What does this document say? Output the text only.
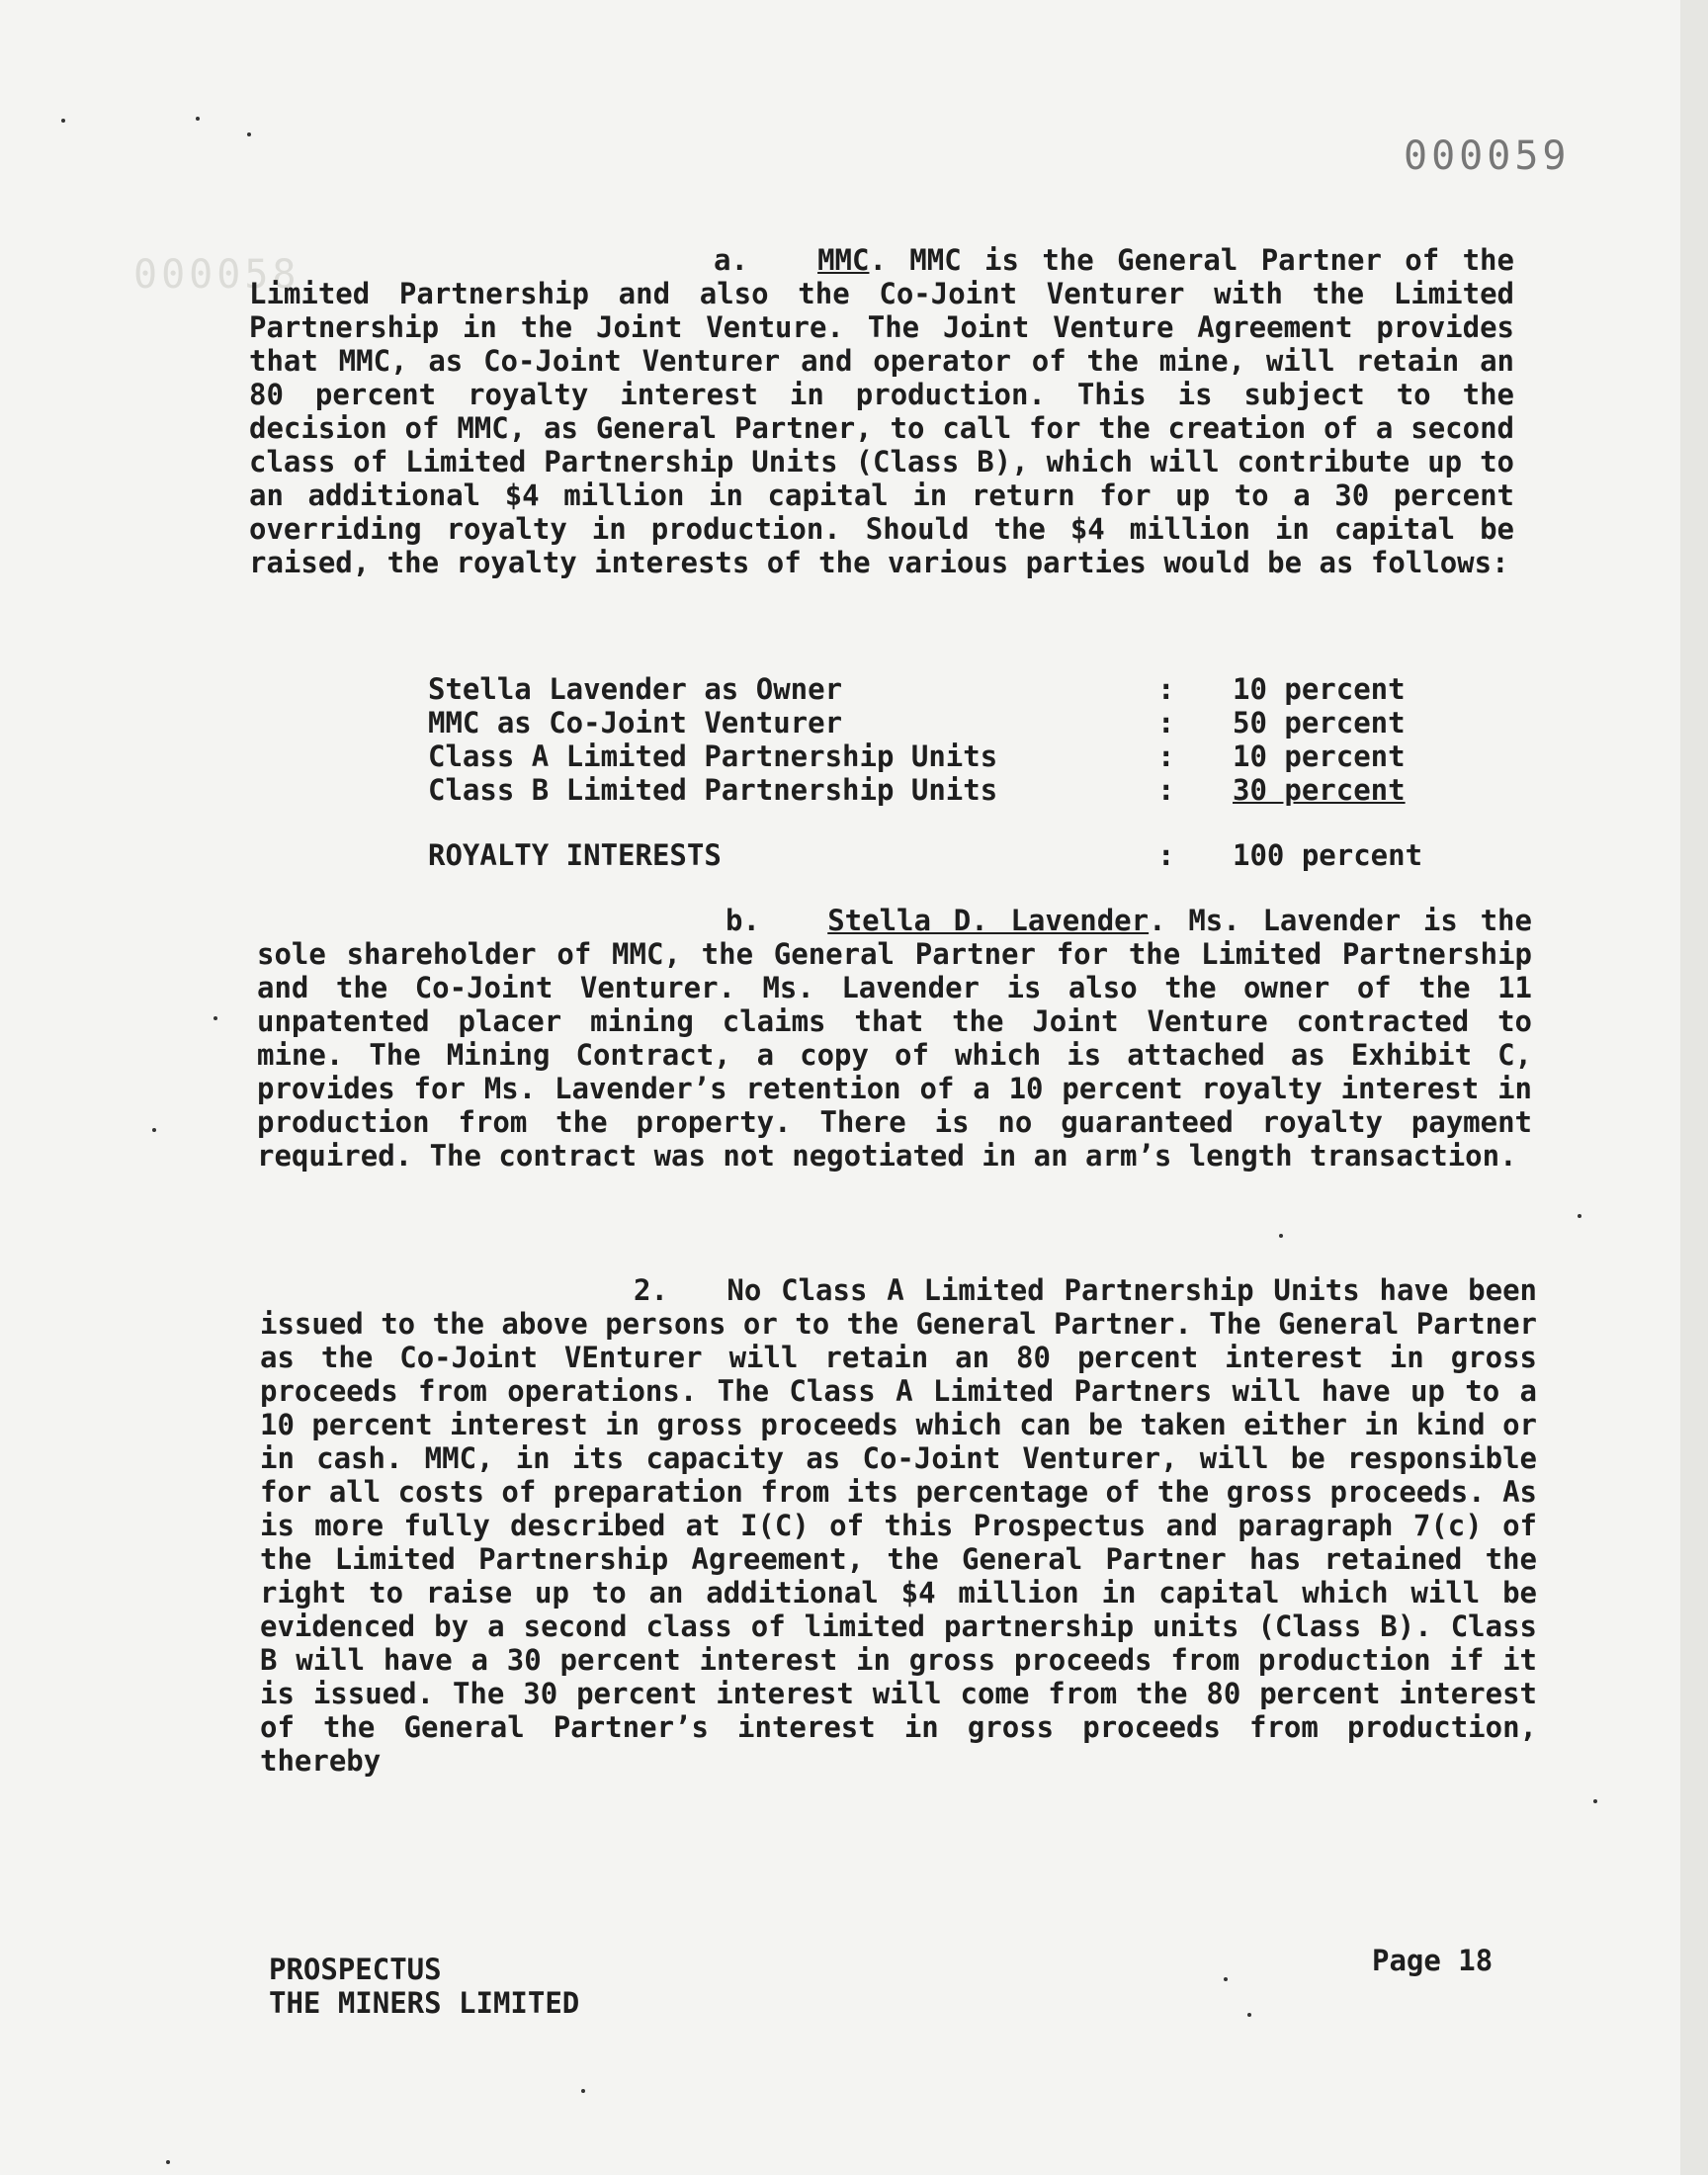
000058
000059

a. MMC. MMC is the General Partner of the Limited Partnership and also the Co-Joint Venturer with the Limited Partnership in the Joint Venture. The Joint Venture Agreement provides that MMC, as Co-Joint Venturer and operator of the mine, will retain an 80 percent royalty interest in production. This is subject to the decision of MMC, as General Partner, to call for the creation of a second class of Limited Partnership Units (Class B), which will contribute up to an additional $4 million in capital in return for up to a 30 percent overriding royalty in production. Should the $4 million in capital be raised, the royalty interests of the various parties would be as follows:

Stella Lavender as Owner	: 10 percent
MMC as Co-Joint Venturer	: 50 percent
Class A Limited Partnership Units	: 10 percent
Class B Limited Partnership Units	: 30 percent
ROYALTY INTERESTS	: 100 percent

b. Stella D. Lavender. Ms. Lavender is the sole shareholder of MMC, the General Partner for the Limited Partnership and the Co-Joint Venturer. Ms. Lavender is also the owner of the 11 unpatented placer mining claims that the Joint Venture contracted to mine. The Mining Contract, a copy of which is attached as Exhibit C, provides for Ms. Lavender’s retention of a 10 percent royalty interest in production from the property. There is no guaranteed royalty payment required. The contract was not negotiated in an arm’s length transaction.

2. No Class A Limited Partnership Units have been issued to the above persons or to the General Partner. The General Partner as the Co-Joint VEnturer will retain an 80 percent interest in gross proceeds from operations. The Class A Limited Partners will have up to a 10 percent interest in gross proceeds which can be taken either in kind or in cash. MMC, in its capacity as Co-Joint Venturer, will be responsible for all costs of preparation from its percentage of the gross proceeds. As is more fully described at I(C) of this Prospectus and paragraph 7(c) of the Limited Partnership Agreement, the General Partner has retained the right to raise up to an additional $4 million in capital which will be evidenced by a second class of limited partnership units (Class B). Class B will have a 30 percent interest in gross proceeds from production if it is issued. The 30 percent interest will come from the 80 percent interest of the General Partner’s interest in gross proceeds from production, thereby

PROSPECTUS
THE MINERS LIMITED
Page 18
